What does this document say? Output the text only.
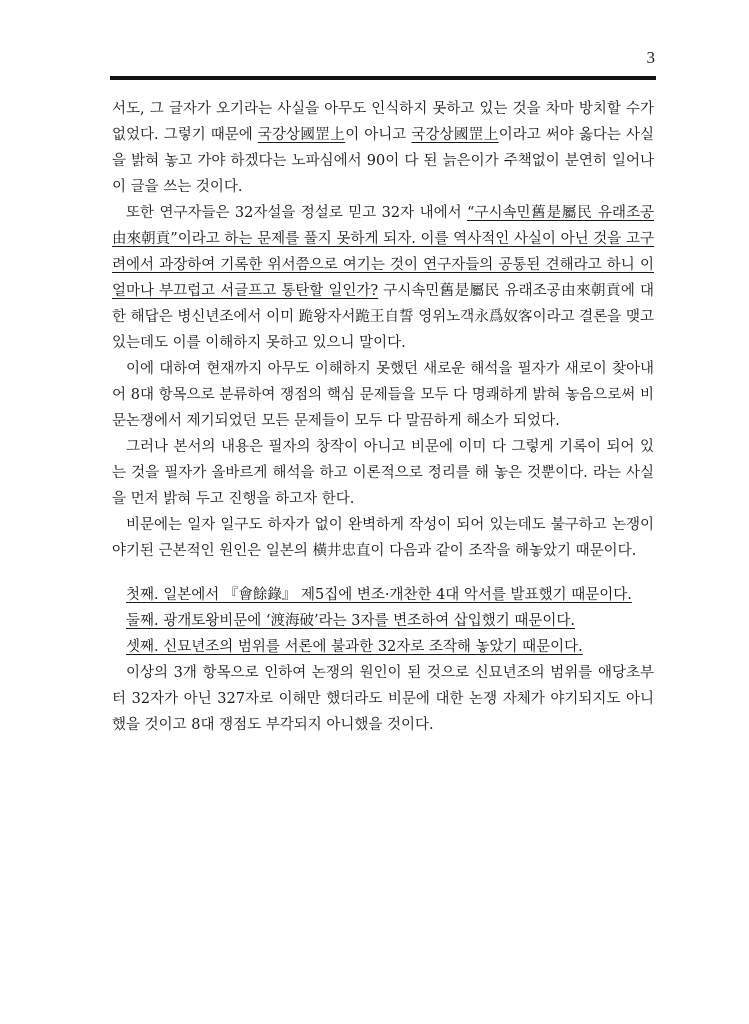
3

서도, 그 글자가 오기라는 사실을 아무도 인식하지 못하고 있는 것을 차마 방치할 수가 없었다. 그렇기 때문에 국강상國罡上이 아니고 국강상國罡上이라고 써야 옳다는 사실을 밝혀 놓고 가야 하겠다는 노파심에서 90이 다 된 늙은이가 주책없이 분연히 일어나 이 글을 쓰는 것이다.

또한 연구자들은 32자설을 정설로 믿고 32자 내에서 “구시속민舊是屬民 유래조공由來朝貢”이라고 하는 문제를 풀지 못하게 되자. 이를 역사적인 사실이 아닌 것을 고구려에서 과장하여 기록한 위서쯤으로 여기는 것이 연구자들의 공통된 견해라고 하니 이 얼마나 부끄럽고 서글프고 통탄할 일인가? 구시속민舊是屬民 유래조공由來朝貢에 대한 해답은 병신년조에서 이미 跪왕자서跪王自誓 영위노객永爲奴客이라고 결론을 맺고 있는데도 이를 이해하지 못하고 있으니 말이다.

이에 대하여 현재까지 아무도 이해하지 못했던 새로운 해석을 필자가 새로이 찾아내어 8대 항목으로 분류하여 쟁점의 핵심 문제들을 모두 다 명쾌하게 밝혀 놓음으로써 비문논쟁에서 제기되었던 모든 문제들이 모두 다 말끔하게 해소가 되었다.

그러나 본서의 내용은 필자의 창작이 아니고 비문에 이미 다 그렇게 기록이 되어 있는 것을 필자가 올바르게 해석을 하고 이론적으로 정리를 해 놓은 것뿐이다. 라는 사실을 먼저 밝혀 두고 진행을 하고자 한다.

비문에는 일자 일구도 하자가 없이 완벽하게 작성이 되어 있는데도 불구하고 논쟁이 야기된 근본적인 원인은 일본의 橫井忠直이 다음과 같이 조작을 해놓았기 때문이다.

첫째. 일본에서 『會餘錄』 제5집에 변조·개찬한 4대 악서를 발표했기 때문이다.

둘째. 광개토왕비문에 ‘渡海破’라는 3자를 변조하여 삽입했기 때문이다.

셋째. 신묘년조의 범위를 서론에 불과한 32자로 조작해 놓았기 때문이다.

이상의 3개 항목으로 인하여 논쟁의 원인이 된 것으로 신묘년조의 범위를 애당초부터 32자가 아닌 327자로 이해만 했더라도 비문에 대한 논쟁 자체가 야기되지도 아니했을 것이고 8대 쟁점도 부각되지 아니했을 것이다.
